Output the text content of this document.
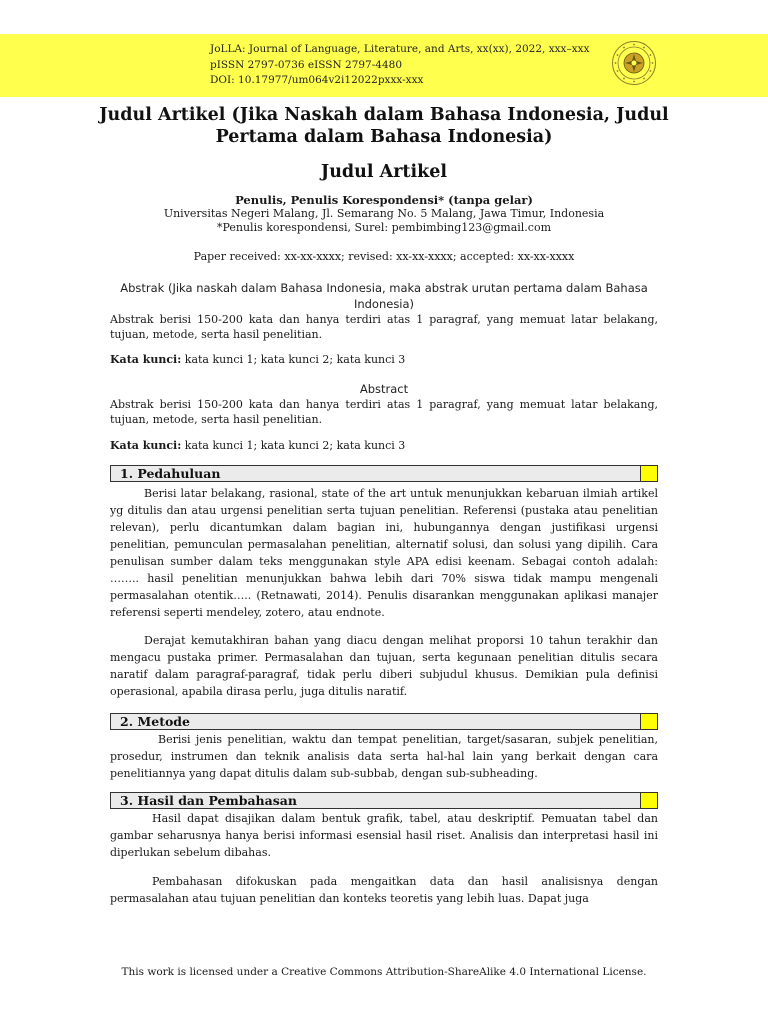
JoLLA: Journal of Language, Literature, and Arts, xx(xx), 2022, xxx–xxx
pISSN 2797-0736 eISSN 2797-4480
DOI: 10.17977/um064v2i12022pxxx-xxx
Judul Artikel (Jika Naskah dalam Bahasa Indonesia, Judul Pertama dalam Bahasa Indonesia)
Judul Artikel
Penulis, Penulis Korespondensi* (tanpa gelar)
Universitas Negeri Malang, Jl. Semarang No. 5 Malang, Jawa Timur, Indonesia
*Penulis korespondensi, Surel: pembimbing123@gmail.com
Paper received: xx-xx-xxxx; revised: xx-xx-xxxx; accepted: xx-xx-xxxx
Abstrak (Jika naskah dalam Bahasa Indonesia, maka abstrak urutan pertama dalam Bahasa Indonesia)
Abstrak berisi 150-200 kata dan hanya terdiri atas 1 paragraf, yang memuat latar belakang, tujuan, metode, serta hasil penelitian.
Kata kunci: kata kunci 1; kata kunci 2; kata kunci 3
Abstract
Abstrak berisi 150-200 kata dan hanya terdiri atas 1 paragraf, yang memuat latar belakang, tujuan, metode, serta hasil penelitian.
Kata kunci: kata kunci 1; kata kunci 2; kata kunci 3
1. Pedahuluan
Berisi latar belakang, rasional, state of the art untuk menunjukkan kebaruan ilmiah artikel yg ditulis dan atau urgensi penelitian serta tujuan penelitian. Referensi (pustaka atau penelitian relevan), perlu dicantumkan dalam bagian ini, hubungannya dengan justifikasi urgensi penelitian, pemunculan permasalahan penelitian, alternatif solusi, dan solusi yang dipilih. Cara penulisan sumber dalam teks menggunakan style APA edisi keenam. Sebagai contoh adalah: …….. hasil penelitian menunjukkan bahwa lebih dari 70% siswa tidak mampu mengenali permasalahan otentik….. (Retnawati, 2014). Penulis disarankan menggunakan aplikasi manajer referensi seperti mendeley, zotero, atau endnote.
Derajat kemutakhiran bahan yang diacu dengan melihat proporsi 10 tahun terakhir dan mengacu pustaka primer. Permasalahan dan tujuan, serta kegunaan penelitian ditulis secara naratif dalam paragraf-paragraf, tidak perlu diberi subjudul khusus. Demikian pula definisi operasional, apabila dirasa perlu, juga ditulis naratif.
2. Metode
Berisi jenis penelitian, waktu dan tempat penelitian, target/sasaran, subjek penelitian, prosedur, instrumen dan teknik analisis data serta hal-hal lain yang berkait dengan cara penelitiannya yang dapat ditulis dalam sub-subbab, dengan sub-subheading.
3. Hasil dan Pembahasan
Hasil dapat disajikan dalam bentuk grafik, tabel, atau deskriptif. Pemuatan tabel dan gambar seharusnya hanya berisi informasi esensial hasil riset. Analisis dan interpretasi hasil ini diperlukan sebelum dibahas.
Pembahasan difokuskan pada mengaitkan data dan hasil analisisnya dengan permasalahan atau tujuan penelitian dan konteks teoretis yang lebih luas. Dapat juga
This work is licensed under a Creative Commons Attribution-ShareAlike 4.0 International License.
